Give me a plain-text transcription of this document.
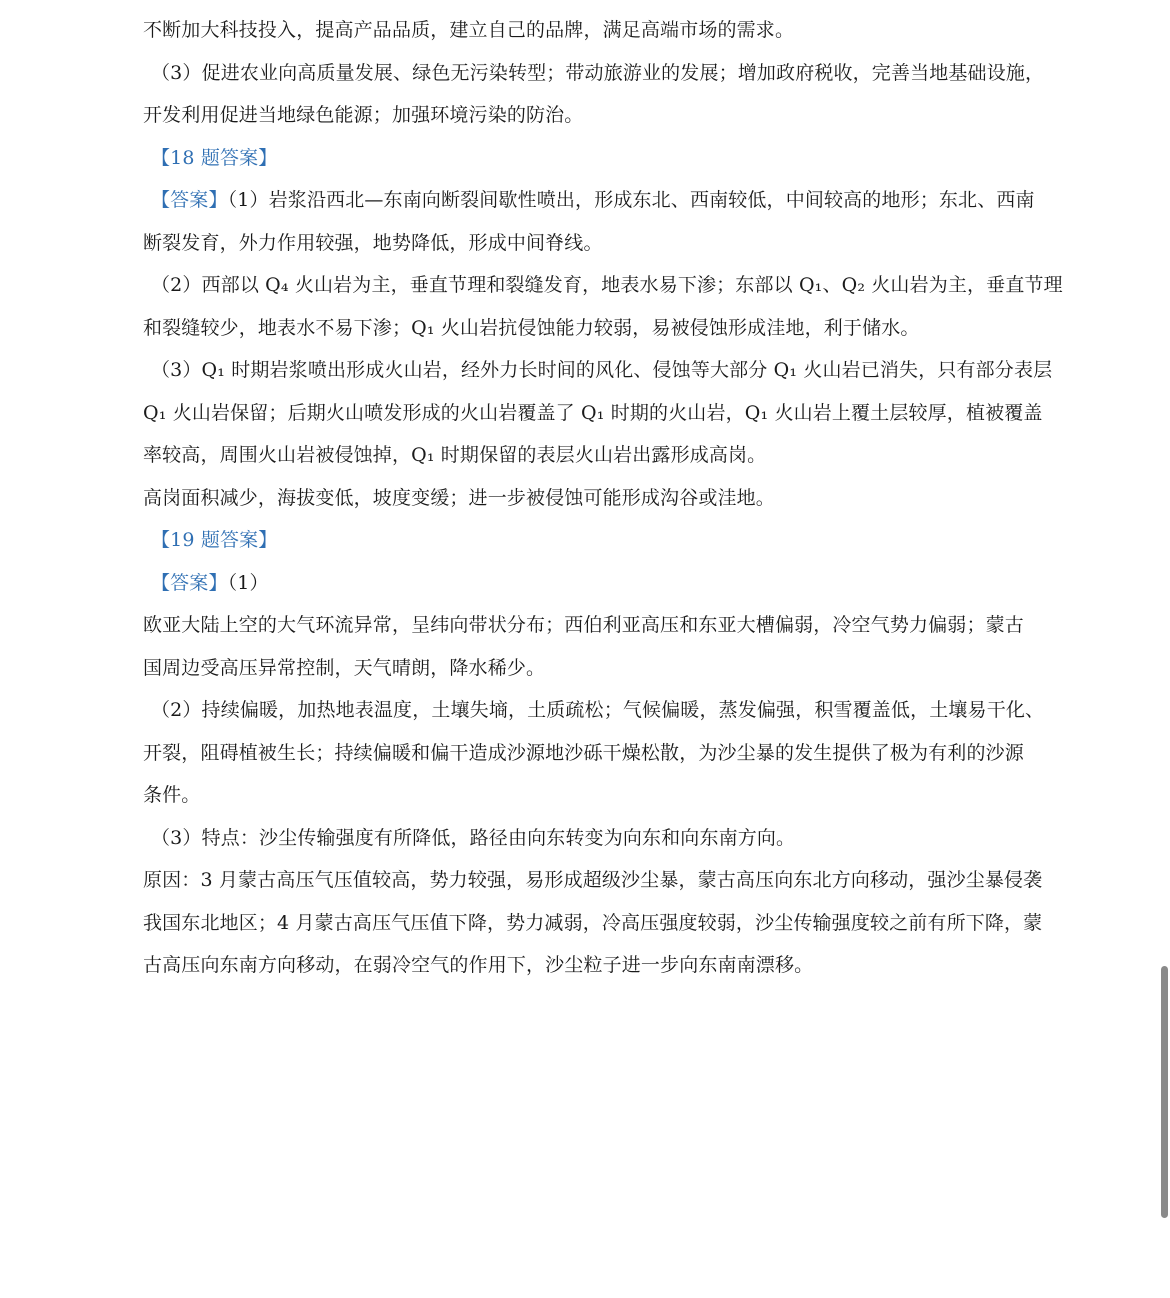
不断加大科技投入，提高产品品质，建立自己的品牌，满足高端市场的需求。
（3）促进农业向高质量发展、绿色无污染转型；带动旅游业的发展；增加政府税收，完善当地基础设施，
开发利用促进当地绿色能源；加强环境污染的防治。
【18 题答案】
【答案】（1）岩浆沿西北—东南向断裂间歇性喷出，形成东北、西南较低，中间较高的地形；东北、西南
断裂发育，外力作用较强，地势降低，形成中间脊线。
（2）西部以 Q₄ 火山岩为主，垂直节理和裂缝发育，地表水易下渗；东部以 Q₁、Q₂ 火山岩为主，垂直节理
和裂缝较少，地表水不易下渗；Q₁ 火山岩抗侵蚀能力较弱，易被侵蚀形成洼地，利于储水。
（3）Q₁ 时期岩浆喷出形成火山岩，经外力长时间的风化、侵蚀等大部分 Q₁ 火山岩已消失，只有部分表层
Q₁ 火山岩保留；后期火山喷发形成的火山岩覆盖了 Q₁ 时期的火山岩，Q₁ 火山岩上覆土层较厚，植被覆盖
率较高，周围火山岩被侵蚀掉，Q₁ 时期保留的表层火山岩出露形成高岗。
高岗面积减少，海拔变低，坡度变缓；进一步被侵蚀可能形成沟谷或洼地。
【19 题答案】
【答案】（1）
欧亚大陆上空的大气环流异常，呈纬向带状分布；西伯利亚高压和东亚大槽偏弱，冷空气势力偏弱；蒙古
国周边受高压异常控制，天气晴朗，降水稀少。
（2）持续偏暖，加热地表温度，土壤失墒，土质疏松；气候偏暖，蒸发偏强，积雪覆盖低，土壤易干化、
开裂，阻碍植被生长；持续偏暖和偏干造成沙源地沙砾干燥松散，为沙尘暴的发生提供了极为有利的沙源
条件。
（3）特点：沙尘传输强度有所降低，路径由向东转变为向东和向东南方向。
原因：3 月蒙古高压气压值较高，势力较强，易形成超级沙尘暴，蒙古高压向东北方向移动，强沙尘暴侵袭
我国东北地区；4 月蒙古高压气压值下降，势力减弱，冷高压强度较弱，沙尘传输强度较之前有所下降，蒙
古高压向东南方向移动，在弱冷空气的作用下，沙尘粒子进一步向东南南漂移。
